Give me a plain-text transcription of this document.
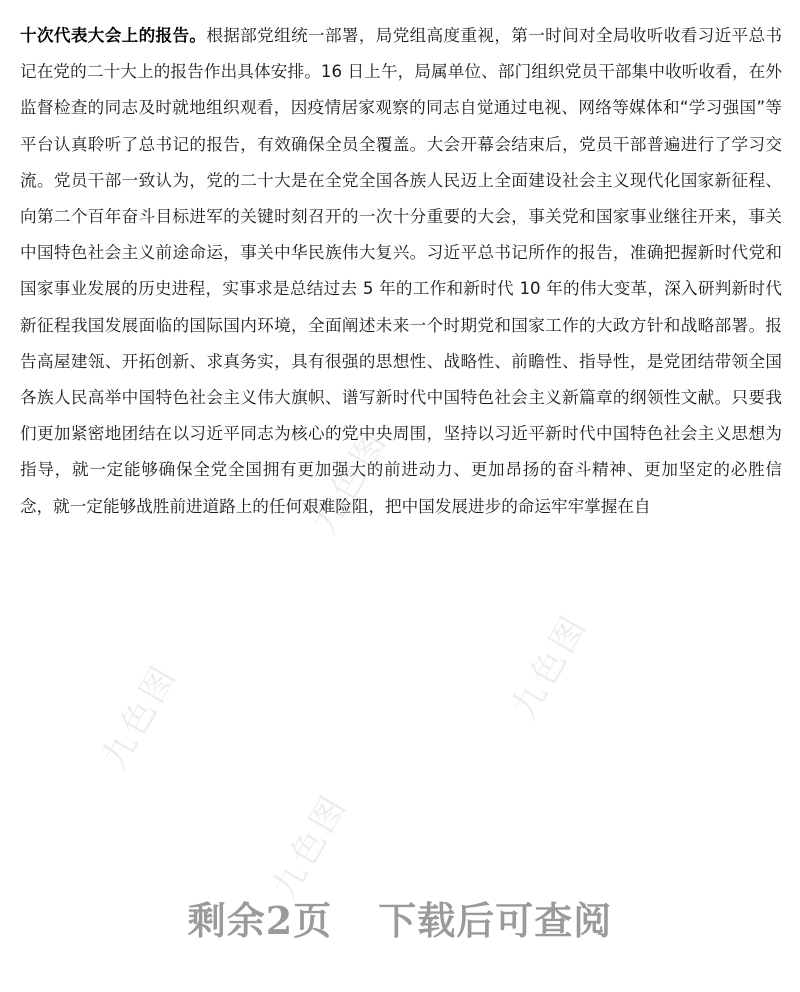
九色图
九色图
九色图
九色图

十次代表大会上的报告。根据部党组统一部署，局党组高度重视，第一时间对全局收听收看习近平总书记在党的二十大上的报告作出具体安排。16 日上午，局属单位、部门组织党员干部集中收听收看，在外监督检查的同志及时就地组织观看，因疫情居家观察的同志自觉通过电视、网络等媒体和“学习强国”等平台认真聆听了总书记的报告，有效确保全员全覆盖。大会开幕会结束后，党员干部普遍进行了学习交流。党员干部一致认为，党的二十大是在全党全国各族人民迈上全面建设社会主义现代化国家新征程、向第二个百年奋斗目标进军的关键时刻召开的一次十分重要的大会，事关党和国家事业继往开来，事关中国特色社会主义前途命运，事关中华民族伟大复兴。习近平总书记所作的报告，准确把握新时代党和国家事业发展的历史进程，实事求是总结过去 5 年的工作和新时代 10 年的伟大变革，深入研判新时代新征程我国发展面临的国际国内环境，全面阐述未来一个时期党和国家工作的大政方针和战略部署。报告高屋建瓴、开拓创新、求真务实，具有很强的思想性、战略性、前瞻性、指导性，是党团结带领全国各族人民高举中国特色社会主义伟大旗帜、谱写新时代中国特色社会主义新篇章的纲领性文献。只要我们更加紧密地团结在以习近平同志为核心的党中央周围，坚持以习近平新时代中国特色社会主义思想为指导，就一定能够确保全党全国拥有更加强大的前进动力、更加昂扬的奋斗精神、更加坚定的必胜信念，就一定能够战胜前进道路上的任何艰难险阻，把中国发展进步的命运牢牢掌握在自

剩余2页 下载后可查阅
